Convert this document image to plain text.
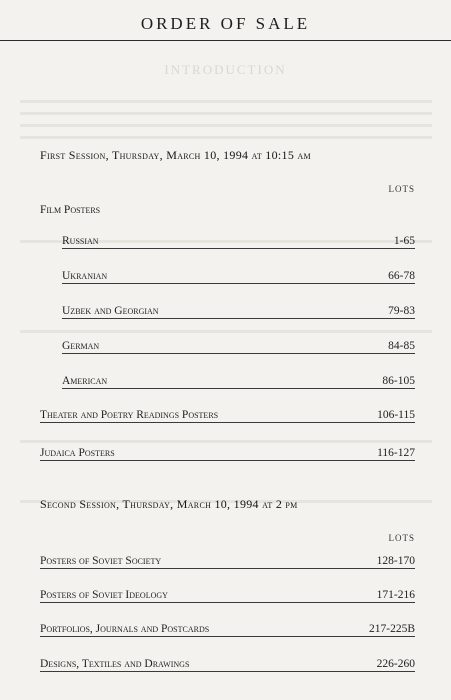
ORDER OF SALE
INTRODUCTION
First Session, Thursday, March 10, 1994 at 10:15 am
LOTS
Film Posters
Russian	1-65
Ukranian	66-78
Uzbek and Georgian	79-83
German	84-85
American	86-105
Theater and Poetry Readings Posters	106-115
Judaica Posters	116-127
Second Session, Thursday, March 10, 1994 at 2 pm
LOTS
Posters of Soviet Society	128-170
Posters of Soviet Ideology	171-216
Portfolios, Journals and Postcards	217-225B
Designs, Textiles and Drawings	226-260
